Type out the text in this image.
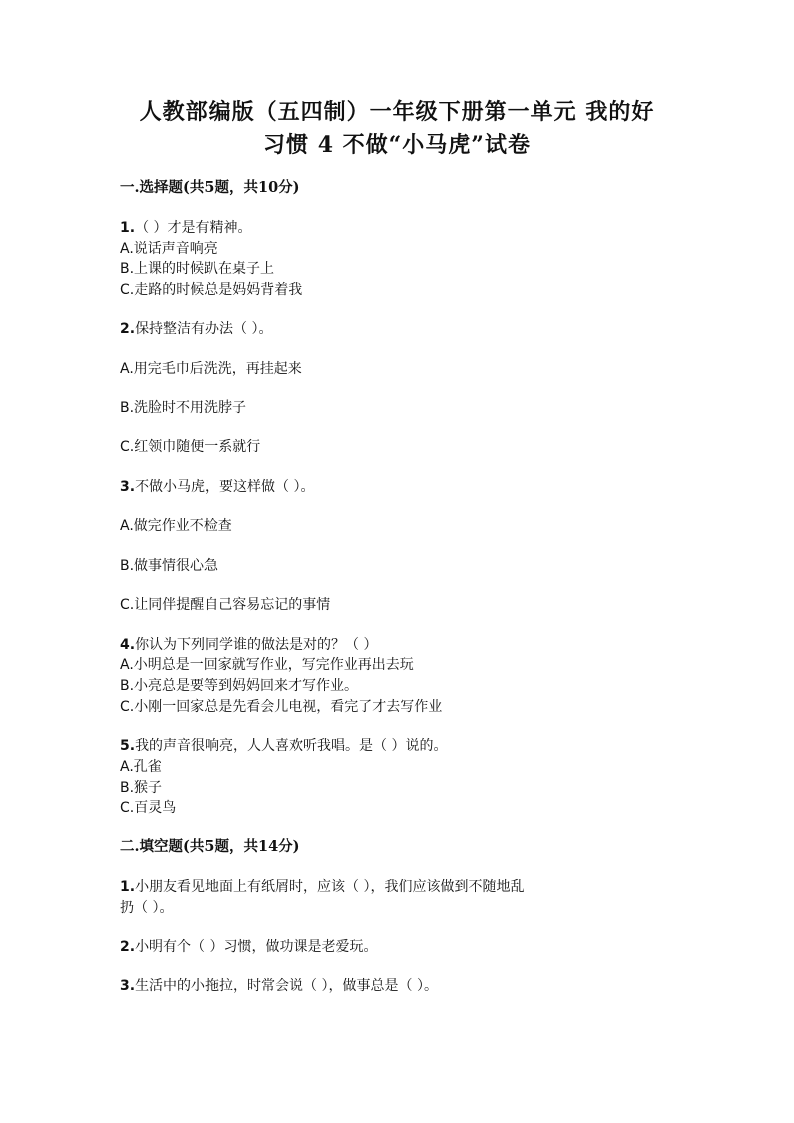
人教部编版（五四制）一年级下册第一单元 我的好
习惯 4 不做“小马虎”试卷
一.选择题(共5题，共10分)
1.（ ）才是有精神。
A.说话声音响亮
B.上课的时候趴在桌子上
C.走路的时候总是妈妈背着我
2.保持整洁有办法（ ）。
A.用完毛巾后洗洗，再挂起来
B.洗脸时不用洗脖子
C.红领巾随便一系就行
3.不做小马虎，要这样做（ ）。
A.做完作业不检查
B.做事情很心急
C.让同伴提醒自己容易忘记的事情
4.你认为下列同学谁的做法是对的？（ ）
A.小明总是一回家就写作业，写完作业再出去玩
B.小亮总是要等到妈妈回来才写作业。
C.小刚一回家总是先看会儿电视，看完了才去写作业
5.我的声音很响亮，人人喜欢听我唱。是（ ）说的。
A.孔雀
B.猴子
C.百灵鸟
二.填空题(共5题，共14分)
1.小朋友看见地面上有纸屑时，应该（ ），我们应该做到不随地乱
扔（ ）。
2.小明有个（ ）习惯，做功课是老爱玩。
3.生活中的小拖拉，时常会说（ ），做事总是（ ）。
